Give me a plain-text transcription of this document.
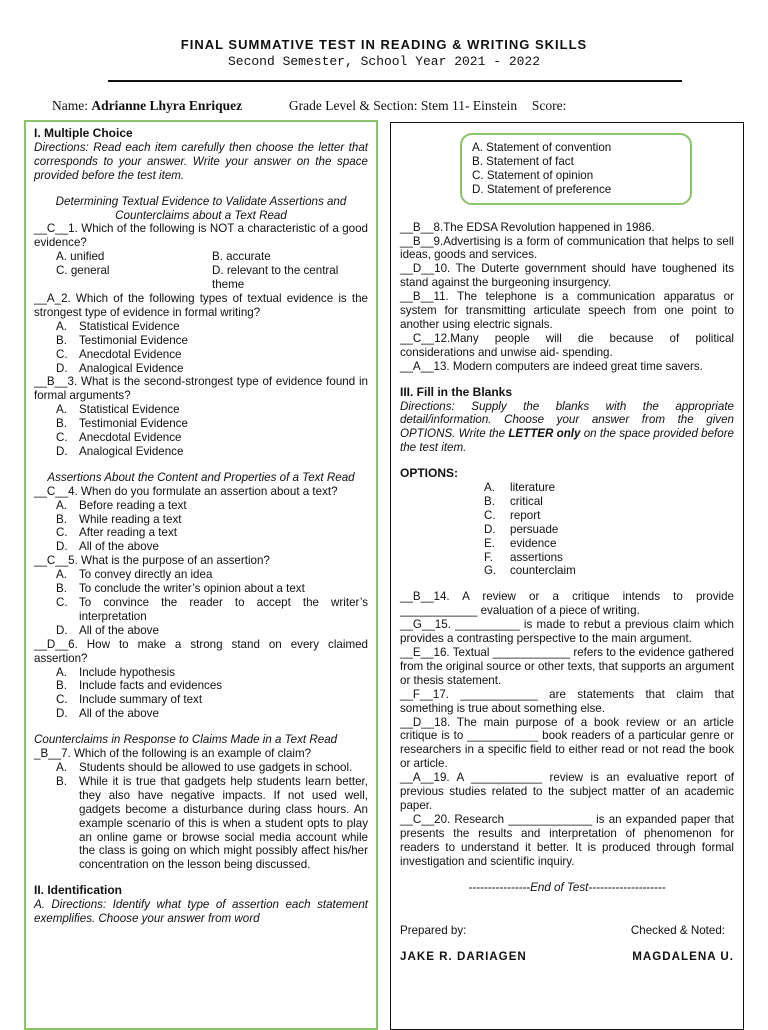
FINAL SUMMATIVE TEST IN READING & WRITING SKILLS
Second Semester, School Year 2021 - 2022
Name: Adrianne Lhyra Enriquez	Grade Level & Section: Stem 11- Einstein Score:
I. Multiple Choice
Directions: Read each item carefully then choose the letter that corresponds to your answer. Write your answer on the space provided before the test item.
Determining Textual Evidence to Validate Assertions and Counterclaims about a Text Read
__C__1. Which of the following is NOT a characteristic of a good evidence?
A. unified	B. accurate
C. general	D. relevant to the central theme
__A_2. Which of the following types of textual evidence is the strongest type of evidence in formal writing?
A. Statistical Evidence
B. Testimonial Evidence
C. Anecdotal Evidence
D. Analogical Evidence
__B__3. What is the second-strongest type of evidence found in formal arguments?
A. Statistical Evidence
B. Testimonial Evidence
C. Anecdotal Evidence
D. Analogical Evidence
Assertions About the Content and Properties of a Text Read
__C__4. When do you formulate an assertion about a text?
A. Before reading a text
B. While reading a text
C. After reading a text
D. All of the above
__C__5. What is the purpose of an assertion?
A. To convey directly an idea
B. To conclude the writer’s opinion about a text
C. To convince the reader to accept the writer’s interpretation
D. All of the above
__D__6. How to make a strong stand on every claimed assertion?
A. Include hypothesis
B. Include facts and evidences
C. Include summary of text
D. All of the above
Counterclaims in Response to Claims Made in a Text Read
_B__7. Which of the following is an example of claim?
A. Students should be allowed to use gadgets in school.
B. While it is true that gadgets help students learn better, they also have negative impacts. If not used well, gadgets become a disturbance during class hours. An example scenario of this is when a student opts to play an online game or browse social media account while the class is going on which might possibly affect his/her concentration on the lesson being discussed.
II. Identification
A. Directions: Identify what type of assertion each statement exemplifies. Choose your answer from word
A. Statement of convention
B. Statement of fact
C. Statement of opinion
D. Statement of preference
__B__8.The EDSA Revolution happened in 1986.
__B__9.Advertising is a form of communication that helps to sell ideas, goods and services.
__D__10. The Duterte government should have toughened its stand against the burgeoning insurgency.
__B__11. The telephone is a communication apparatus or system for transmitting articulate speech from one point to another using electric signals.
__C__12.Many people will die because of political considerations and unwise aid- spending.
__A__13. Modern computers are indeed great time savers.
III. Fill in the Blanks
Directions: Supply the blanks with the appropriate detail/information. Choose your answer from the given OPTIONS. Write the LETTER only on the space provided before the test item.
OPTIONS:
A. literature
B. critical
C. report
D. persuade
E. evidence
F. assertions
G. counterclaim
__B__14. A review or a critique intends to provide ____________ evaluation of a piece of writing.
__G__15. __________ is made to rebut a previous claim which provides a contrasting perspective to the main argument.
__E__16. Textual ____________ refers to the evidence gathered from the original source or other texts, that supports an argument or thesis statement.
__F__17. ____________ are statements that claim that something is true about something else.
__D__18. The main purpose of a book review or an article critique is to ___________ book readers of a particular genre or researchers in a specific field to either read or not read the book or article.
__A__19. A ___________ review is an evaluative report of previous studies related to the subject matter of an academic paper.
__C__20. Research _____________ is an expanded paper that presents the results and interpretation of phenomenon for readers to understand it better. It is produced through formal investigation and scientific inquiry.
----------------End of Test--------------------
Prepared by:	Checked & Noted:
JAKE R. DARIAGEN	MAGDALENA U.
